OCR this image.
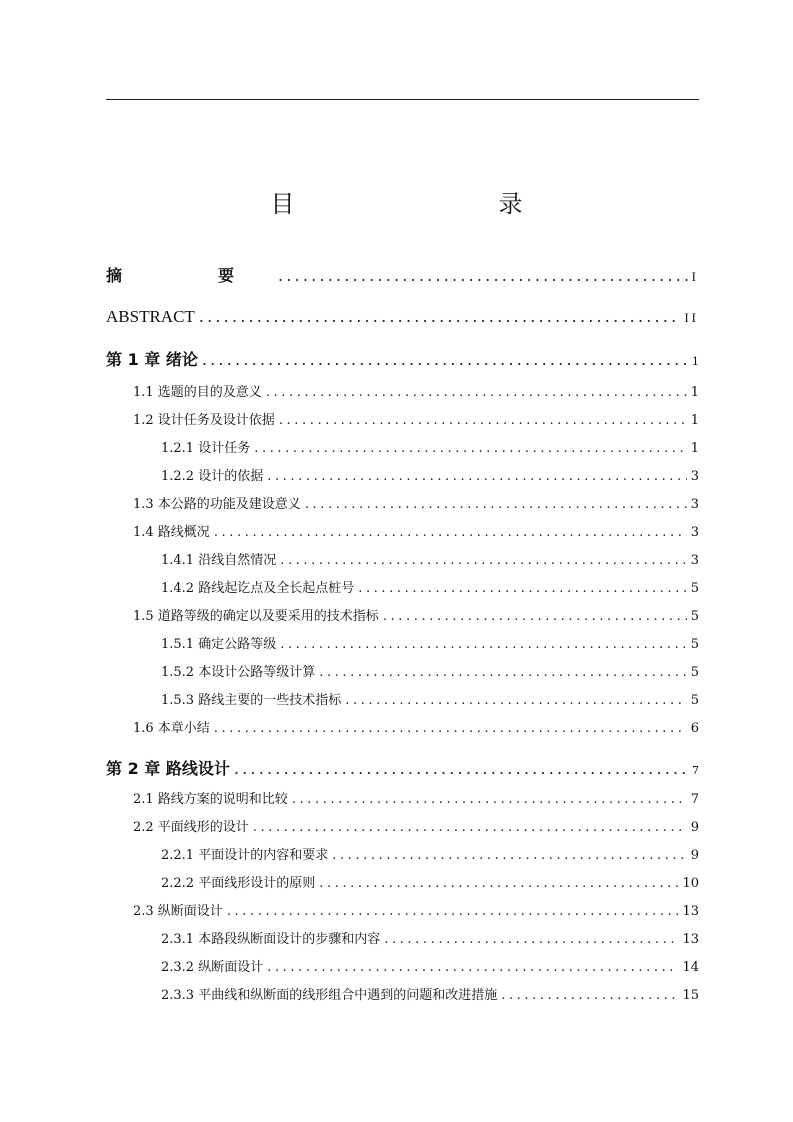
目　　录
摘　要 .....	I
ABSTRACT .....	II
第 1 章 绪论 .....	1
1.1 选题的目的及意义 .....	1
1.2 设计任务及设计依据 .....	1
1.2.1 设计任务 .....	1
1.2.2 设计的依据 .....	3
1.3 本公路的功能及建设意义 .....	3
1.4 路线概况 .....	3
1.4.1 沿线自然情况 .....	3
1.4.2 路线起讫点及全长起点桩号 .....	5
1.5 道路等级的确定以及要采用的技术指标 .....	5
1.5.1 确定公路等级 .....	5
1.5.2 本设计公路等级计算 .....	5
1.5.3 路线主要的一些技术指标 .....	5
1.6 本章小结 .....	6
第 2 章 路线设计 .....	7
2.1 路线方案的说明和比较 .....	7
2.2 平面线形的设计 .....	9
2.2.1 平面设计的内容和要求 .....	9
2.2.2 平面线形设计的原则 .....	10
2.3 纵断面设计 .....	13
2.3.1 本路段纵断面设计的步骤和内容 .....	13
2.3.2 纵断面设计 .....	14
2.3.3 平曲线和纵断面的线形组合中遇到的问题和改进措施 .....	15
